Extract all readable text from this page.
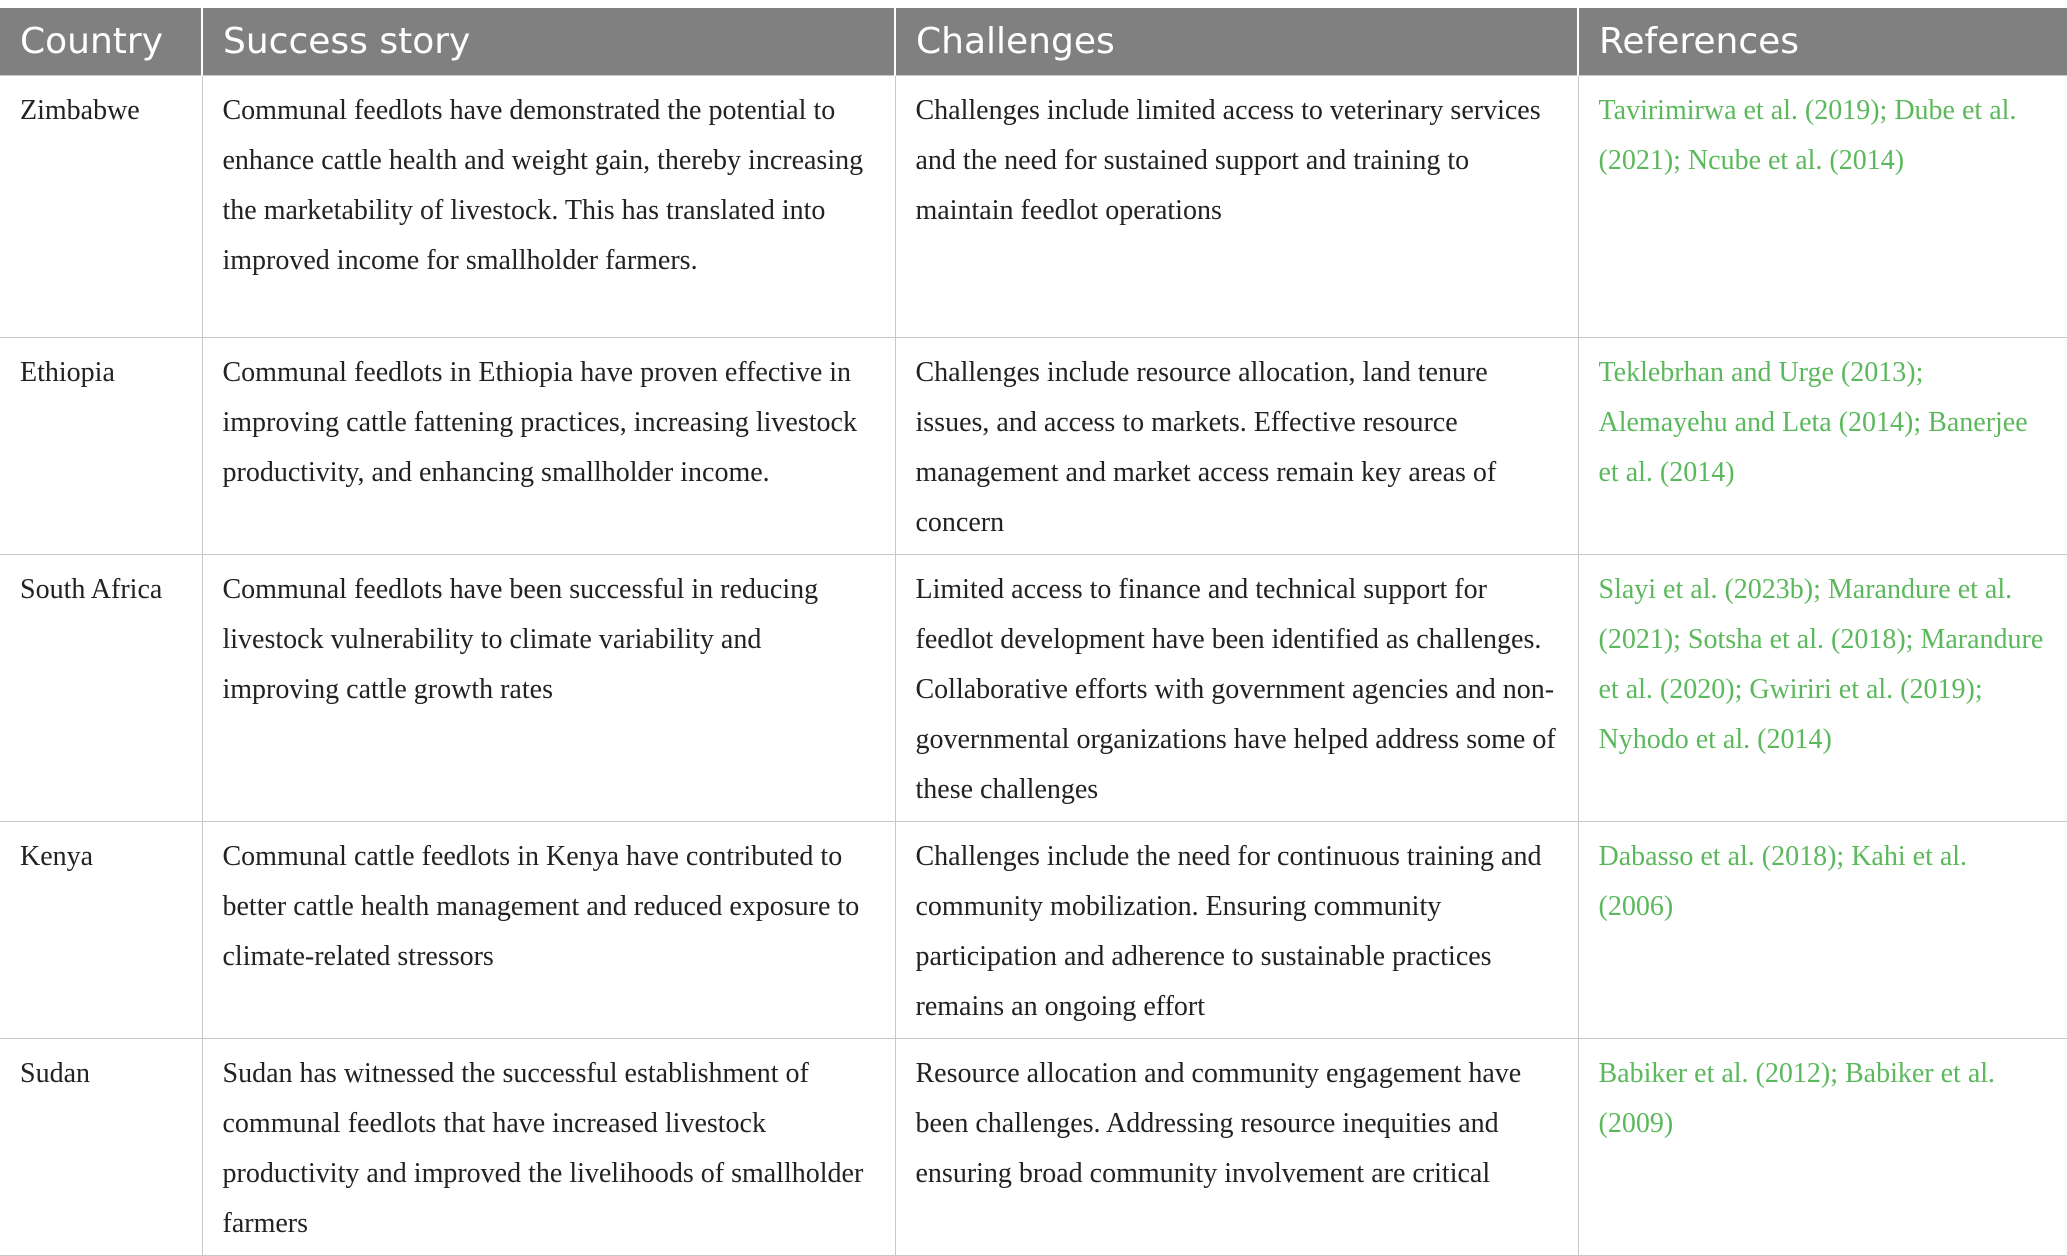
Country	Success story	Challenges	References
Zimbabwe	Communal feedlots have demonstrated the potential to enhance cattle health and weight gain, thereby increasing the marketability of livestock. This has translated into improved income for smallholder farmers.	Challenges include limited access to veterinary services and the need for sustained support and training to maintain feedlot operations	Tavirimirwa et al. (2019); Dube et al. (2021); Ncube et al. (2014)
Ethiopia	Communal feedlots in Ethiopia have proven effective in improving cattle fattening practices, increasing livestock productivity, and enhancing smallholder income.	Challenges include resource allocation, land tenure issues, and access to markets. Effective resource management and market access remain key areas of concern	Teklebrhan and Urge (2013); Alemayehu and Leta (2014); Banerjee et al. (2014)
South Africa	Communal feedlots have been successful in reducing livestock vulnerability to climate variability and improving cattle growth rates	Limited access to finance and technical support for feedlot development have been identified as challenges. Collaborative efforts with government agencies and non-governmental organizations have helped address some of these challenges	Slayi et al. (2023b); Marandure et al. (2021); Sotsha et al. (2018); Marandure et al. (2020); Gwiriri et al. (2019); Nyhodo et al. (2014)
Kenya	Communal cattle feedlots in Kenya have contributed to better cattle health management and reduced exposure to climate-related stressors	Challenges include the need for continuous training and community mobilization. Ensuring community participation and adherence to sustainable practices remains an ongoing effort	Dabasso et al. (2018); Kahi et al. (2006)
Sudan	Sudan has witnessed the successful establishment of communal feedlots that have increased livestock productivity and improved the livelihoods of smallholder farmers	Resource allocation and community engagement have been challenges. Addressing resource inequities and ensuring broad community involvement are critical	Babiker et al. (2012); Babiker et al. (2009)
